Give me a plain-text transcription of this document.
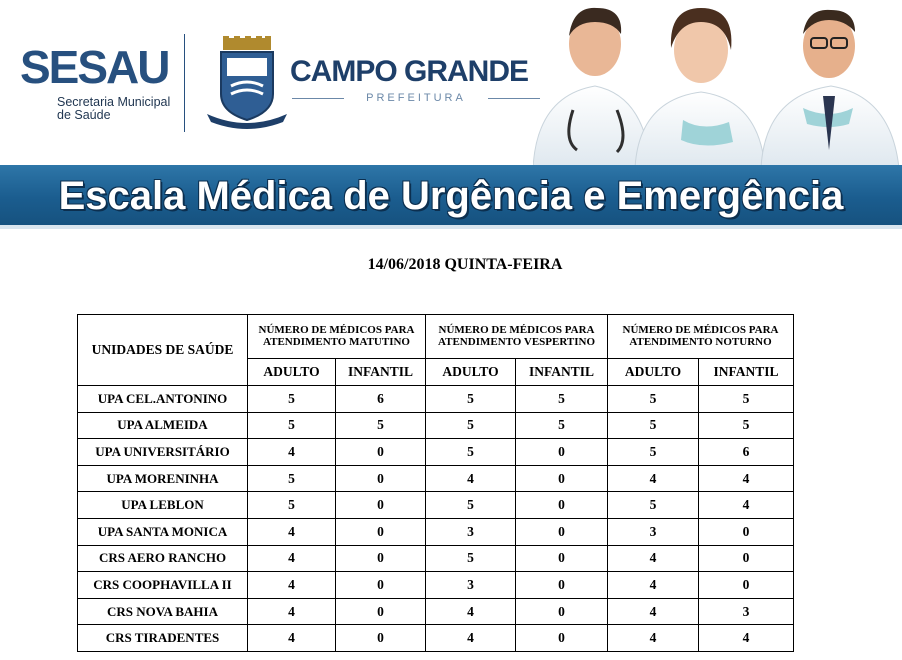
SESAU
Secretaria Municipal de Saúde
CAMPO GRANDE
PREFEITURA
Escala Médica de Urgência e Emergência
14/06/2018 QUINTA-FEIRA
UNIDADES DE SAÚDE	NÚMERO DE MÉDICOS PARA ATENDIMENTO MATUTINO		NÚMERO DE MÉDICOS PARA ATENDIMENTO VESPERTINO		NÚMERO DE MÉDICOS PARA ATENDIMENTO NOTURNO	
	ADULTO	INFANTIL	ADULTO	INFANTIL	ADULTO	INFANTIL
UPA CEL.ANTONINO	5	6	5	5	5	5
UPA ALMEIDA	5	5	5	5	5	5
UPA UNIVERSITÁRIO	4	0	5	0	5	6
UPA MORENINHA	5	0	4	0	4	4
UPA LEBLON	5	0	5	0	5	4
UPA SANTA MONICA	4	0	3	0	3	0
CRS AERO RANCHO	4	0	5	0	4	0
CRS COOPHAVILLA II	4	0	3	0	4	0
CRS NOVA BAHIA	4	0	4	0	4	3
CRS TIRADENTES	4	0	4	0	4	4
